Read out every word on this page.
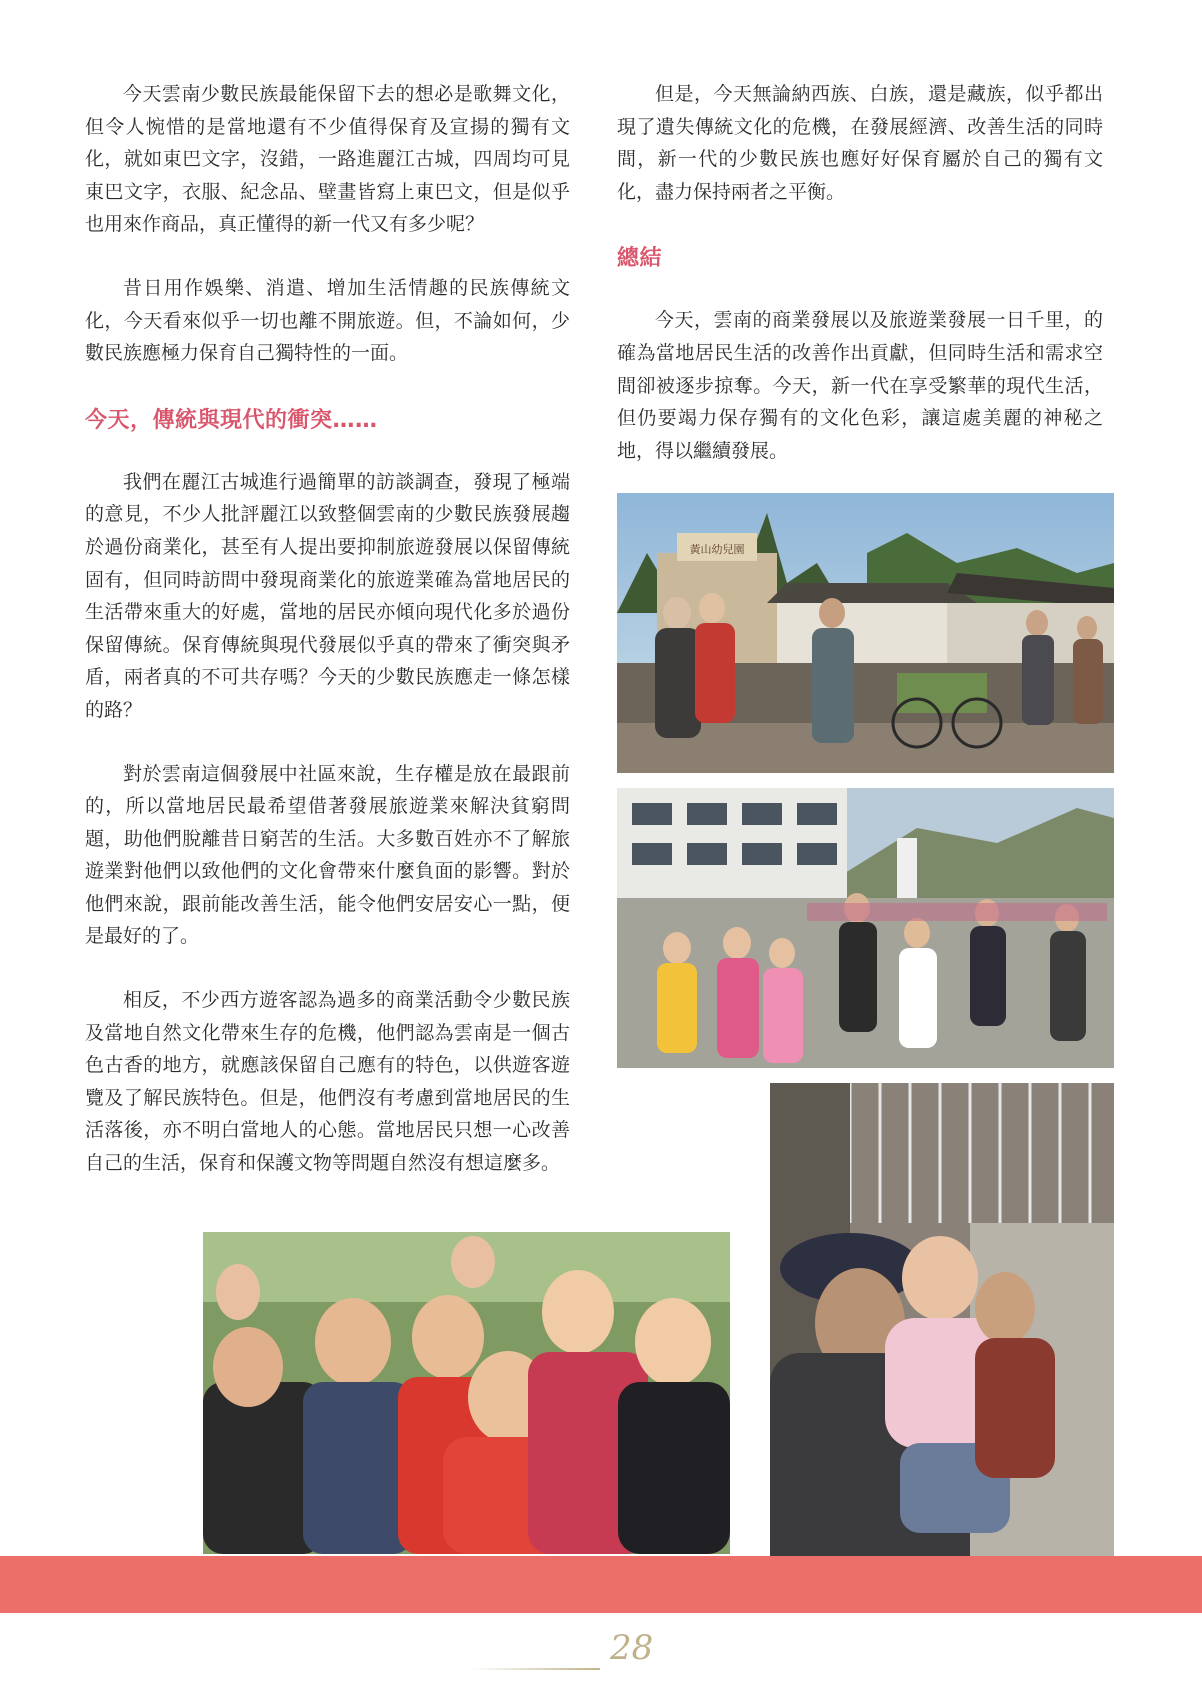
今天雲南少數民族最能保留下去的想必是歌舞文化，但令人惋惜的是當地還有不少值得保育及宣揚的獨有文化，就如東巴文字，沒錯，一路進麗江古城，四周均可見東巴文字，衣服、紀念品、壁畫皆寫上東巴文，但是似乎也用來作商品，真正懂得的新一代又有多少呢？

昔日用作娛樂、消遣、增加生活情趣的民族傳統文化，今天看來似乎一切也離不開旅遊。但，不論如何，少數民族應極力保育自己獨特性的一面。

今天，傳統與現代的衝突……

我們在麗江古城進行過簡單的訪談調查，發現了極端的意見，不少人批評麗江以致整個雲南的少數民族發展趨於過份商業化，甚至有人提出要抑制旅遊發展以保留傳統固有，但同時訪問中發現商業化的旅遊業確為當地居民的生活帶來重大的好處，當地的居民亦傾向現代化多於過份保留傳統。保育傳統與現代發展似乎真的帶來了衝突與矛盾，兩者真的不可共存嗎？今天的少數民族應走一條怎樣的路？

對於雲南這個發展中社區來說，生存權是放在最跟前的，所以當地居民最希望借著發展旅遊業來解決貧窮問題，助他們脫離昔日窮苦的生活。大多數百姓亦不了解旅遊業對他們以致他們的文化會帶來什麼負面的影響。對於他們來說，跟前能改善生活，能令他們安居安心一點，便是最好的了。

相反，不少西方遊客認為過多的商業活動令少數民族及當地自然文化帶來生存的危機，他們認為雲南是一個古色古香的地方，就應該保留自己應有的特色，以供遊客遊覽及了解民族特色。但是，他們沒有考慮到當地居民的生活落後，亦不明白當地人的心態。當地居民只想一心改善自己的生活，保育和保護文物等問題自然沒有想這麼多。

但是，今天無論納西族、白族，還是藏族，似乎都出現了遺失傳統文化的危機，在發展經濟、改善生活的同時間，新一代的少數民族也應好好保育屬於自己的獨有文化，盡力保持兩者之平衡。

總結

今天，雲南的商業發展以及旅遊業發展一日千里，的確為當地居民生活的改善作出貢獻，但同時生活和需求空間卻被逐步掠奪。今天，新一代在享受繁華的現代生活，但仍要竭力保存獨有的文化色彩，讓這處美麗的神秘之地，得以繼續發展。

黃山幼兒園
28
